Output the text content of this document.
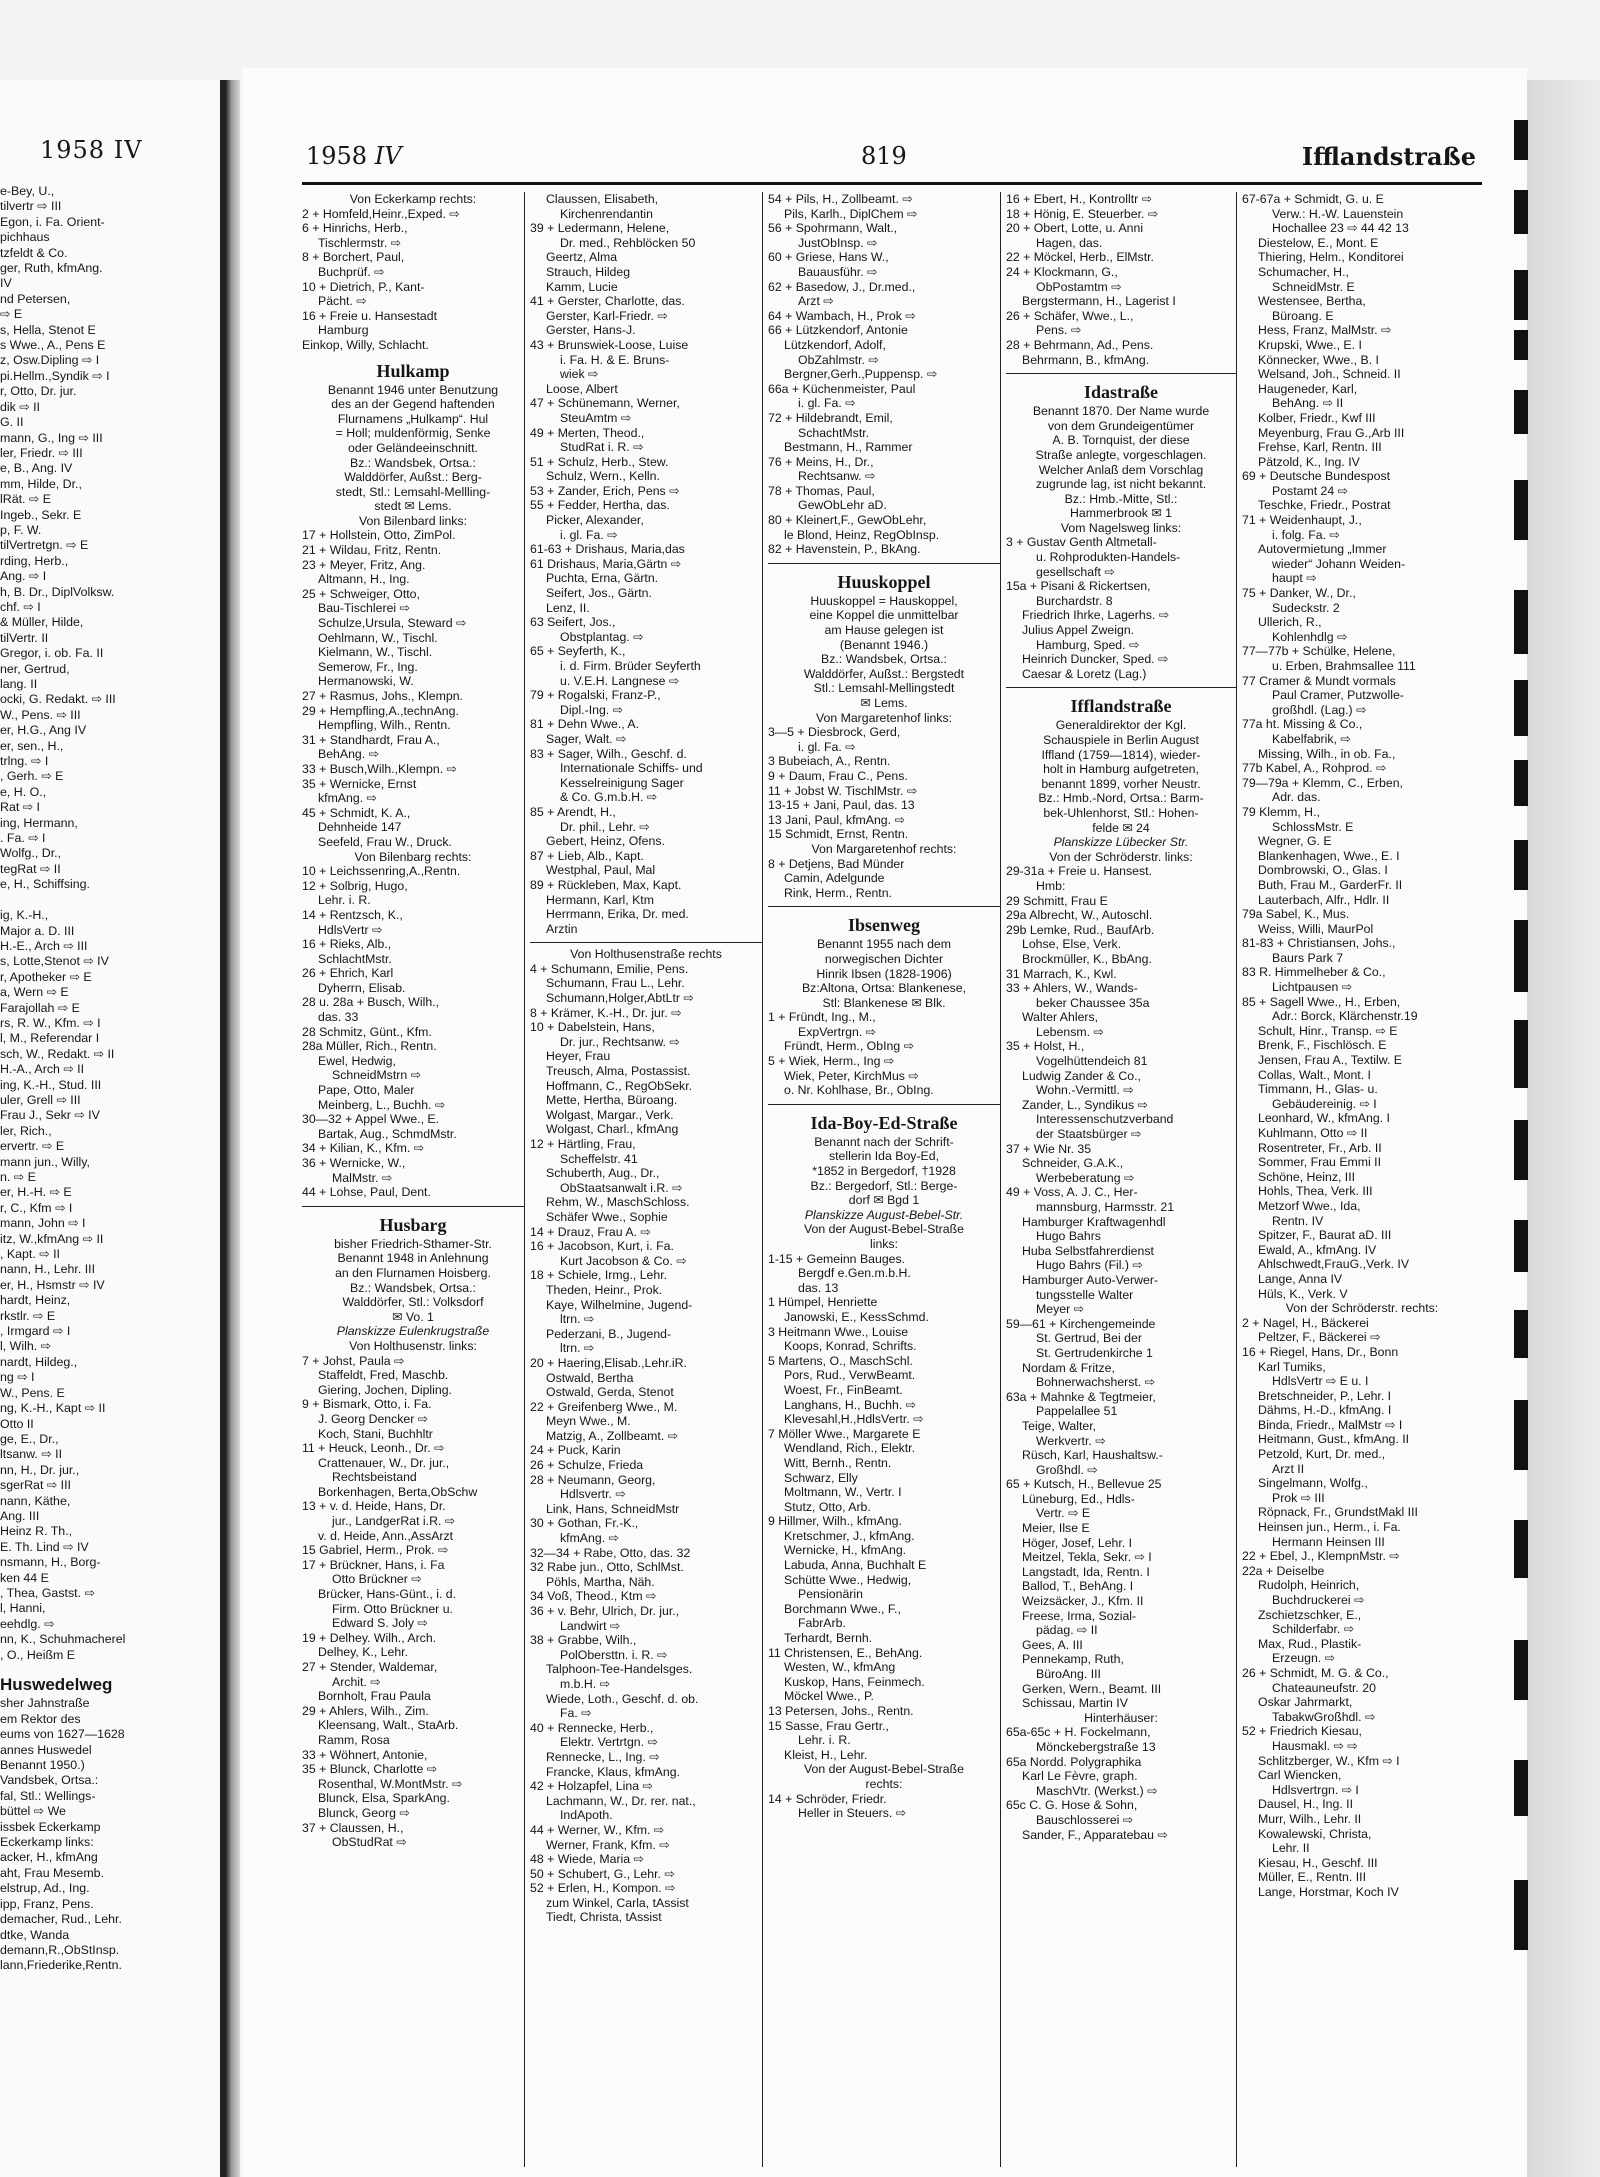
1958 IV
e-Bey, U.,
tilvertr ⇨ III
Egon, i. Fa. Orient-
pichhaus
tzfeldt & Co.
ger, Ruth, kfmAng.
IV
nd Petersen,
⇨ E
s, Hella, Stenot E
s Wwe., A., Pens E
z, Osw.Dipling ⇨ I
pi.Hellm.,Syndik ⇨ I
r, Otto, Dr. jur.
dik ⇨ II
G. II
mann, G., Ing ⇨ III
ler, Friedr. ⇨ III
e, B., Ang. IV
mm, Hilde, Dr.,
lRät. ⇨ E
Ingeb., Sekr. E
p, F. W.
tilVertretgn. ⇨ E
rding, Herb.,
Ang. ⇨ I
h, B. Dr., DiplVolksw.
chf. ⇨ I
& Müller, Hilde,
tilVertr. II
Gregor, i. ob. Fa. II
ner, Gertrud,
lang. II
ocki, G. Redakt. ⇨ III
W., Pens. ⇨ III
er, H.G., Ang IV
er, sen., H.,
trlng. ⇨ I
, Gerh. ⇨ E
e, H. O.,
Rat ⇨ I
ing, Hermann,
. Fa. ⇨ I
Wolfg., Dr.,
tegRat ⇨ II
e, H., Schiffsing.

ig, K.-H.,
Major a. D. III
H.-E., Arch ⇨ III
s, Lotte,Stenot ⇨ IV
r, Apotheker ⇨ E
a, Wern ⇨ E
Farajollah ⇨ E
rs, R. W., Kfm. ⇨ I
l, M., Referendar I
sch, W., Redakt. ⇨ II
H.-A., Arch ⇨ II
ing, K.-H., Stud. III
uler, Grell ⇨ III
Frau J., Sekr ⇨ IV
ler, Rich.,
ervertr. ⇨ E
mann jun., Willy,
n. ⇨ E
er, H.-H. ⇨ E
r, C., Kfm ⇨ I
mann, John ⇨ I
itz, W.,kfmAng ⇨ II
, Kapt. ⇨ II
nann, H., Lehr. III
er, H., Hsmstr ⇨ IV
hardt, Heinz,
rkstlr. ⇨ E
, Irmgard ⇨ I
l, Wilh. ⇨
nardt, Hildeg.,
ng ⇨ I
W., Pens. E
ng, K.-H., Kapt ⇨ II
Otto II
ge, E., Dr.,
ltsanw. ⇨ II
nn, H., Dr. jur.,
sgerRat ⇨ III
nann, Käthe,
Ang. III
Heinz R. Th.,
E. Th. Lind ⇨ IV
nsmann, H., Borg-
ken 44 E
, Thea, Gastst. ⇨
l, Hanni,
eehdlg. ⇨
nn, K., Schuhmacherel
, O., Heißm E
Huswedelweg
sher Jahnstraße
em Rektor des
eums von 1627—1628
annes Huswedel
Benannt 1950.)
Vandsbek, Ortsa.:
fal, Stl.: Wellings-
büttel ⇨ We
issbek Eckerkamp
Eckerkamp links:
acker, H., kfmAng
aht, Frau Mesemb.
elstrup, Ad., Ing.
ipp, Franz, Pens.
demacher, Rud., Lehr.
dtke, Wanda
demann,R.,ObStInsp.
lann,Friederike,Rentn.
1958 IV	819	Ifflandstraße
Von Eckerkamp rechts:
2 + Homfeld,Heinr.,Exped. ⇨
6 + Hinrichs, Herb.,
Tischlermstr. ⇨
8 + Borchert, Paul,
Buchprüf. ⇨
10 + Dietrich, P., Kant-
Pächt. ⇨
16 + Freie u. Hansestadt
Hamburg
Einkop, Willy, Schlacht.
Hulkamp
Benannt 1946 unter Benutzung
des an der Gegend haftenden
Flurnamens „Hulkamp“. Hul
= Holl; muldenförmig, Senke
oder Geländeeinschnitt.
Bz.: Wandsbek, Ortsa.:
Walddörfer, Außst.: Berg-
stedt, Stl.: Lemsahl-Mellling-
stedt ✉ Lems.
Von Bilenbard links:
17 + Hollstein, Otto, ZimPol.
21 + Wildau, Fritz, Rentn.
23 + Meyer, Fritz, Ang.
Altmann, H., Ing.
25 + Schweiger, Otto,
Bau-Tischlerei ⇨
Schulze,Ursula, Steward ⇨
Oehlmann, W., Tischl.
Kielmann, W., Tischl.
Semerow, Fr., Ing.
Hermanowski, W.
27 + Rasmus, Johs., Klempn.
29 + Hempfling,A.,technAng.
Hempfling, Wilh., Rentn.
31 + Standhardt, Frau A.,
BehAng. ⇨
33 + Busch,Wilh.,Klempn. ⇨
35 + Wernicke, Ernst
kfmAng. ⇨
45 + Schmidt, K. A.,
Dehnheide 147
Seefeld, Frau W., Druck.
Von Bilenbarg rechts:
10 + Leichssenring,A.,Rentn.
12 + Solbrig, Hugo,
Lehr. i. R.
14 + Rentzsch, K.,
HdlsVertr ⇨
16 + Rieks, Alb.,
SchlachtMstr.
26 + Ehrich, Karl
Dyherrn, Elisab.
28 u. 28a + Busch, Wilh.,
das. 33
28 Schmitz, Günt., Kfm.
28a Müller, Rich., Rentn.
Ewel, Hedwig,
SchneidMstrn ⇨
Pape, Otto, Maler
Meinberg, L., Buchh. ⇨
30—32 + Appel Wwe., E.
Bartak, Aug., SchmdMstr.
34 + Kilian, K., Kfm. ⇨
36 + Wernicke, W.,
MalMstr. ⇨
44 + Lohse, Paul, Dent.
Husbarg
bisher Friedrich-Sthamer-Str.
Benannt 1948 in Anlehnung
an den Flurnamen Hoisberg.
Bz.: Wandsbek, Ortsa.:
Walddörfer, Stl.: Volksdorf
✉ Vo. 1
Planskizze Eulenkrugstraße
Von Holthusenstr. links:
7 + Johst, Paula ⇨
Staffeldt, Fred, Maschb.
Giering, Jochen, Dipling.
9 + Bismark, Otto, i. Fa.
J. Georg Dencker ⇨
Koch, Stani, Buchhltr
11 + Heuck, Leonh., Dr. ⇨
Crattenauer, W., Dr. jur.,
Rechtsbeistand
Borkenhagen, Berta,ObSchw
13 + v. d. Heide, Hans, Dr.
jur., LandgerRat i.R. ⇨
v. d. Heide, Ann.,AssArzt
15 Gabriel, Herm., Prok. ⇨
17 + Brückner, Hans, i. Fa
Otto Brückner ⇨
Brücker, Hans-Günt., i. d.
Firm. Otto Brückner u.
Edward S. Joly ⇨
19 + Delhey. Wilh., Arch.
Delhey, K., Lehr.
27 + Stender, Waldemar,
Archit. ⇨
Bornholt, Frau Paula
29 + Ahlers, Wilh., Zim.
Kleensang, Walt., StaArb.
Ramm, Rosa
33 + Wöhnert, Antonie,
35 + Blunck, Charlotte ⇨
Rosenthal, W.MontMstr. ⇨
Blunck, Elsa, SparkAng.
Blunck, Georg ⇨
37 + Claussen, H.,
ObStudRat ⇨
Claussen, Elisabeth,
Kirchenrendantin
39 + Ledermann, Helene,
Dr. med., Rehblöcken 50
Geertz, Alma
Strauch, Hildeg
Kamm, Lucie
41 + Gerster, Charlotte, das.
Gerster, Karl-Friedr. ⇨
Gerster, Hans-J.
43 + Brunswiek-Loose, Luise
i. Fa. H. & E. Bruns-
wiek ⇨
Loose, Albert
47 + Schünemann, Werner,
SteuAmtm ⇨
49 + Merten, Theod.,
StudRat i. R. ⇨
51 + Schulz, Herb., Stew.
Schulz, Wern., Kelln.
53 + Zander, Erich, Pens ⇨
55 + Fedder, Hertha, das.
Picker, Alexander,
i. gl. Fa. ⇨
61-63 + Drishaus, Maria,das
61 Drishaus, Maria,Gärtn ⇨
Puchta, Erna, Gärtn.
Seifert, Jos., Gärtn.
Lenz, II.
63 Seifert, Jos.,
Obstplantag. ⇨
65 + Seyferth, K.,
i. d. Firm. Brüder Seyferth
u. V.E.H. Langnese ⇨
79 + Rogalski, Franz-P.,
Dipl.-Ing. ⇨
81 + Dehn Wwe., A.
Sager, Walt. ⇨
83 + Sager, Wilh., Geschf. d.
Internationale Schiffs- und
Kesselreinigung Sager
& Co. G.m.b.H. ⇨
85 + Arendt, H.,
Dr. phil., Lehr. ⇨
Gebert, Heinz, Ofens.
87 + Lieb, Alb., Kapt.
Westphal, Paul, Mal
89 + Rückleben, Max, Kapt.
Hermann, Karl, Ktm
Herrmann, Erika, Dr. med.
Arztin
Von Holthusenstraße rechts
4 + Schumann, Emilie, Pens.
Schumann, Frau L., Lehr.
Schumann,Holger,AbtLtr ⇨
8 + Krämer, K.-H., Dr. jur. ⇨
10 + Dabelstein, Hans,
Dr. jur., Rechtsanw. ⇨
Heyer, Frau
Treusch, Alma, Postassist.
Hoffmann, C., RegObSekr.
Mette, Hertha, Büroang.
Wolgast, Margar., Verk.
Wolgast, Charl., kfmAng
12 + Härtling, Frau,
Scheffelstr. 41
Schuberth, Aug., Dr.,
ObStaatsanwalt i.R. ⇨
Rehm, W., MaschSchloss.
Schäfer Wwe., Sophie
14 + Drauz, Frau A. ⇨
16 + Jacobson, Kurt, i. Fa.
Kurt Jacobson & Co. ⇨
18 + Schiele, Irmg., Lehr.
Theden, Heinr., Prok.
Kaye, Wilhelmine, Jugend-
ltrn. ⇨
Pederzani, B., Jugend-
ltrn. ⇨
20 + Haering,Elisab.,Lehr.iR.
Ostwald, Bertha
Ostwald, Gerda, Stenot
22 + Greifenberg Wwe., M.
Meyn Wwe., M.
Matzig, A., Zollbeamt. ⇨
24 + Puck, Karin
26 + Schulze, Frieda
28 + Neumann, Georg,
Hdlsvertr. ⇨
Link, Hans, SchneidMstr
30 + Gothan, Fr.-K.,
kfmAng. ⇨
32—34 + Rabe, Otto, das. 32
32 Rabe jun., Otto, SchlMst.
Pöhls, Martha, Näh.
34 Voß, Theod., Ktm ⇨
36 + v. Behr, Ulrich, Dr. jur.,
Landwirt ⇨
38 + Grabbe, Wilh.,
PolObersttn. i. R. ⇨
Talphoon-Tee-Handelsges.
m.b.H. ⇨
Wiede, Loth., Geschf. d. ob.
Fa. ⇨
40 + Rennecke, Herb.,
Elektr. Vertrtgn. ⇨
Rennecke, L., Ing. ⇨
Francke, Klaus, kfmAng.
42 + Holzapfel, Lina ⇨
Lachmann, W., Dr. rer. nat.,
IndApoth.
44 + Werner, W., Kfm. ⇨
Werner, Frank, Kfm. ⇨
48 + Wiede, Maria ⇨
50 + Schubert, G., Lehr. ⇨
52 + Erlen, H., Kompon. ⇨
zum Winkel, Carla, tAssist
Tiedt, Christa, tAssist
54 + Pils, H., Zollbeamt. ⇨
Pils, Karlh., DiplChem ⇨
56 + Spohrmann, Walt.,
JustObInsp. ⇨
60 + Griese, Hans W.,
Bauausführ. ⇨
62 + Basedow, J., Dr.med.,
Arzt ⇨
64 + Wambach, H., Prok ⇨
66 + Lützkendorf, Antonie
Lützkendorf, Adolf,
ObZahlmstr. ⇨
Bergner,Gerh.,Puppensp. ⇨
66a + Küchenmeister, Paul
i. gl. Fa. ⇨
72 + Hildebrandt, Emil,
SchachtMstr.
Bestmann, H., Rammer
76 + Meins, H., Dr.,
Rechtsanw. ⇨
78 + Thomas, Paul,
GewObLehr aD.
80 + Kleinert,F., GewObLehr,
le Blond, Heinz, RegObInsp.
82 + Havenstein, P., BkAng.
Huuskoppel
Huuskoppel = Hauskoppel,
eine Koppel die unmittelbar
am Hause gelegen ist
(Benannt 1946.)
Bz.: Wandsbek, Ortsa.:
Walddörfer, Außst.: Bergstedt
Stl.: Lemsahl-Mellingstedt
✉ Lems.
Von Margaretenhof links:
3—5 + Diesbrock, Gerd,
i. gl. Fa. ⇨
3 Bubeiach, A., Rentn.
9 + Daum, Frau C., Pens.
11 + Jobst W. TischlMstr. ⇨
13-15 + Jani, Paul, das. 13
13 Jani, Paul, kfmAng. ⇨
15 Schmidt, Ernst, Rentn.
Von Margaretenhof rechts:
8 + Detjens, Bad Münder
Camin, Adelgunde
Rink, Herm., Rentn.
Ibsenweg
Benannt 1955 nach dem
norwegischen Dichter
Hinrik Ibsen (1828-1906)
Bz:Altona, Ortsa: Blankenese,
Stl: Blankenese ✉ Blk.
1 + Fründt, Ing., M.,
ExpVertrgn. ⇨
Fründt, Herm., ObIng ⇨
5 + Wiek, Herm., Ing ⇨
Wiek, Peter, KirchMus ⇨
o. Nr. Kohlhase, Br., ObIng.
Ida-Boy-Ed-Straße
Benannt nach der Schrift-
stellerin Ida Boy-Ed,
*1852 in Bergedorf, †1928
Bz.: Bergedorf, Stl.: Berge-
dorf ✉ Bgd 1
Planskizze August-Bebel-Str.
Von der August-Bebel-Straße
links:
1-15 + Gemeinn Bauges.
Bergdf e.Gen.m.b.H.
das. 13
1 Hümpel, Henriette
Janowski, E., KessSchmd.
3 Heitmann Wwe., Louise
Koops, Konrad, Schrifts.
5 Martens, O., MaschSchl.
Pors, Rud., VerwBeamt.
Woest, Fr., FinBeamt.
Langhans, H., Buchh. ⇨
Klevesahl,H.,HdlsVertr. ⇨
7 Möller Wwe., Margarete E
Wendland, Rich., Elektr.
Witt, Bernh., Rentn.
Schwarz, Elly
Moltmann, W., Vertr. I
Stutz, Otto, Arb.
9 Hillmer, Wilh., kfmAng.
Kretschmer, J., kfmAng.
Wernicke, H., kfmAng.
Labuda, Anna, Buchhalt E
Schütte Wwe., Hedwig,
Pensionärin
Borchmann Wwe., F.,
FabrArb.
Terhardt, Bernh.
11 Christensen, E., BehAng.
Westen, W., kfmAng
Kuskop, Hans, Feinmech.
Möckel Wwe., P.
13 Petersen, Johs., Rentn.
15 Sasse, Frau Gertr.,
Lehr. i. R.
Kleist, H., Lehr.
Von der August-Bebel-Straße
rechts:
14 + Schröder, Friedr.
Heller in Steuers. ⇨
16 + Ebert, H., Kontrolltr ⇨
18 + Hönig, E. Steuerber. ⇨
20 + Obert, Lotte, u. Anni
Hagen, das.
22 + Möckel, Herb., ElMstr.
24 + Klockmann, G.,
ObPostamtm ⇨
Bergstermann, H., Lagerist I
26 + Schäfer, Wwe., L.,
Pens. ⇨
28 + Behrmann, Ad., Pens.
Behrmann, B., kfmAng.
Idastraße
Benannt 1870. Der Name wurde
von dem Grundeigentümer
A. B. Tornquist, der diese
Straße anlegte, vorgeschlagen.
Welcher Anlaß dem Vorschlag
zugrunde lag, ist nicht bekannt.
Bz.: Hmb.-Mitte, Stl.:
Hammerbrook ✉ 1
Vom Nagelsweg links:
3 + Gustav Genth Altmetall-
u. Rohprodukten-Handels-
gesellschaft ⇨
15a + Pisani & Rickertsen,
Burchardstr. 8
Friedrich Ihrke, Lagerhs. ⇨
Julius Appel Zweign.
Hamburg, Sped. ⇨
Heinrich Duncker, Sped. ⇨
Caesar & Loretz (Lag.)
Ifflandstraße
Generaldirektor der Kgl.
Schauspiele in Berlin August
Iffland (1759—1814), wieder-
holt in Hamburg aufgetreten,
benannt 1899, vorher Neustr.
Bz.: Hmb.-Nord, Ortsa.: Barm-
bek-Uhlenhorst, Stl.: Hohen-
felde ✉ 24
Planskizze Lübecker Str.
Von der Schröderstr. links:
29-31a + Freie u. Hansest.
Hmb:
29 Schmitt, Frau E
29a Albrecht, W., Autoschl.
29b Lemke, Rud., BaufArb.
Lohse, Else, Verk.
Brockmüller, K., BbAng.
31 Marrach, K., Kwl.
33 + Ahlers, W., Wands-
beker Chaussee 35a
Walter Ahlers,
Lebensm. ⇨
35 + Holst, H.,
Vogelhüttendeich 81
Ludwig Zander & Co.,
Wohn.-Vermittl. ⇨
Zander, L., Syndikus ⇨
Interessenschutzverband
der Staatsbürger ⇨
37 + Wie Nr. 35
Schneider, G.A.K.,
Werbeberatung ⇨
49 + Voss, A. J. C., Her-
mannsburg, Harmsstr. 21
Hamburger Kraftwagenhdl
Hugo Bahrs
Huba Selbstfahrerdienst
Hugo Bahrs (Fil.) ⇨
Hamburger Auto-Verwer-
tungsstelle Walter
Meyer ⇨
59—61 + Kirchengemeinde
St. Gertrud, Bei der
St. Gertrudenkirche 1
Nordam & Fritze,
Bohnerwachsherst. ⇨
63a + Mahnke & Tegtmeier,
Pappelallee 51
Teige, Walter,
Werkvertr. ⇨
Rüsch, Karl, Haushaltsw.-
Großhdl. ⇨
65 + Kutsch, H., Bellevue 25
Lüneburg, Ed., Hdls-
Vertr. ⇨ E
Meier, Ilse E
Höger, Josef, Lehr. I
Meitzel, Tekla, Sekr. ⇨ I
Langstadt, Ida, Rentn. I
Ballod, T., BehAng. I
Weizsäcker, J., Kfm. II
Freese, Irma, Sozial-
pädag. ⇨ II
Gees, A. III
Pennekamp, Ruth,
BüroAng. III
Gerken, Wern., Beamt. III
Schissau, Martin IV
Hinterhäuser:
65a-65c + H. Fockelmann,
Mönckebergstraße 13
65a Nordd. Polygraphika
Karl Le Fèvre, graph.
MaschVtr. (Werkst.) ⇨
65c C. G. Hose & Sohn,
Bauschlosserei ⇨
Sander, F., Apparatebau ⇨
67-67a + Schmidt, G. u. E
Verw.: H.-W. Lauenstein
Hochallee 23 ⇨ 44 42 13
Diestelow, E., Mont. E
Thiering, Helm., Konditorei
Schumacher, H.,
SchneidMstr. E
Westensee, Bertha,
Büroang. E
Hess, Franz, MalMstr. ⇨
Krupski, Wwe., E. I
Könnecker, Wwe., B. I
Welsand, Joh., Schneid. II
Haugeneder, Karl,
BehAng. ⇨ II
Kolber, Friedr., Kwf III
Meyenburg, Frau G.,Arb III
Frehse, Karl, Rentn. III
Pätzold, K., Ing. IV
69 + Deutsche Bundespost
Postamt 24 ⇨
Teschke, Friedr., Postrat
71 + Weidenhaupt, J.,
i. folg. Fa. ⇨
Autovermietung „Immer
wieder“ Johann Weiden-
haupt ⇨
75 + Danker, W., Dr.,
Sudeckstr. 2
Ullerich, R.,
Kohlenhdlg ⇨
77—77b + Schülke, Helene,
u. Erben, Brahmsallee 111
77 Cramer & Mundt vormals
Paul Cramer, Putzwolle-
großhdl. (Lag.) ⇨
77a ht. Missing & Co.,
Kabelfabrik, ⇨
Missing, Wilh., in ob. Fa.,
77b Kabel, A., Rohprod. ⇨
79—79a + Klemm, C., Erben,
Adr. das.
79 Klemm, H.,
SchlossMstr. E
Wegner, G. E
Blankenhagen, Wwe., E. I
Dombrowski, O., Glas. I
Buth, Frau M., GarderFr. II
Lauterbach, Alfr., Hdlr. II
79a Sabel, K., Mus.
Weiss, Willi, MaurPol
81-83 + Christiansen, Johs.,
Baurs Park 7
83 R. Himmelheber & Co.,
Lichtpausen ⇨
85 + Sagell Wwe., H., Erben,
Adr.: Borck, Klärchenstr.19
Schult, Hinr., Transp. ⇨ E
Brenk, F., Fischlösch. E
Jensen, Frau A., Textilw. E
Collas, Walt., Mont. I
Timmann, H., Glas- u.
Gebäudereinig. ⇨ I
Leonhard, W., kfmAng. I
Kuhlmann, Otto ⇨ II
Rosentreter, Fr., Arb. II
Sommer, Frau Emmi II
Schöne, Heinz, III
Hohls, Thea, Verk. III
Metzorf Wwe., Ida,
Rentn. IV
Spitzer, F., Baurat aD. III
Ewald, A., kfmAng. IV
Ahlschwedt,FrauG.,Verk. IV
Lange, Anna IV
Hüls, K., Verk. V
Von der Schröderstr. rechts:
2 + Nagel, H., Bäckerei
Peltzer, F., Bäckerei ⇨
16 + Riegel, Hans, Dr., Bonn
Karl Tumiks,
HdlsVertr ⇨ E u. I
Bretschneider, P., Lehr. I
Dähms, H.-D., kfmAng. I
Binda, Friedr., MalMstr ⇨ I
Heitmann, Gust., kfmAng. II
Petzold, Kurt, Dr. med.,
Arzt II
Singelmann, Wolfg.,
Prok ⇨ III
Röpnack, Fr., GrundstMakl III
Heinsen jun., Herm., i. Fa.
Hermann Heinsen III
22 + Ebel, J., KlempnMstr. ⇨
22a + Deiselbe
Rudolph, Heinrich,
Buchdruckerei ⇨
Zschietzschker, E.,
Schilderfabr. ⇨
Max, Rud., Plastik-
Erzeugn. ⇨
26 + Schmidt, M. G. & Co.,
Chateauneufstr. 20
Oskar Jahrmarkt,
TabakwGroßhdl. ⇨
52 + Friedrich Kiesau,
Hausmakl. ⇨ ⇨
Schlitzberger, W., Kfm ⇨ I
Carl Wiencken,
Hdlsvertrgn. ⇨ I
Dausel, H., Ing. II
Murr, Wilh., Lehr. II
Kowalewski, Christa,
Lehr. II
Kiesau, H., Geschf. III
Müller, E., Rentn. III
Lange, Horstmar, Koch IV
